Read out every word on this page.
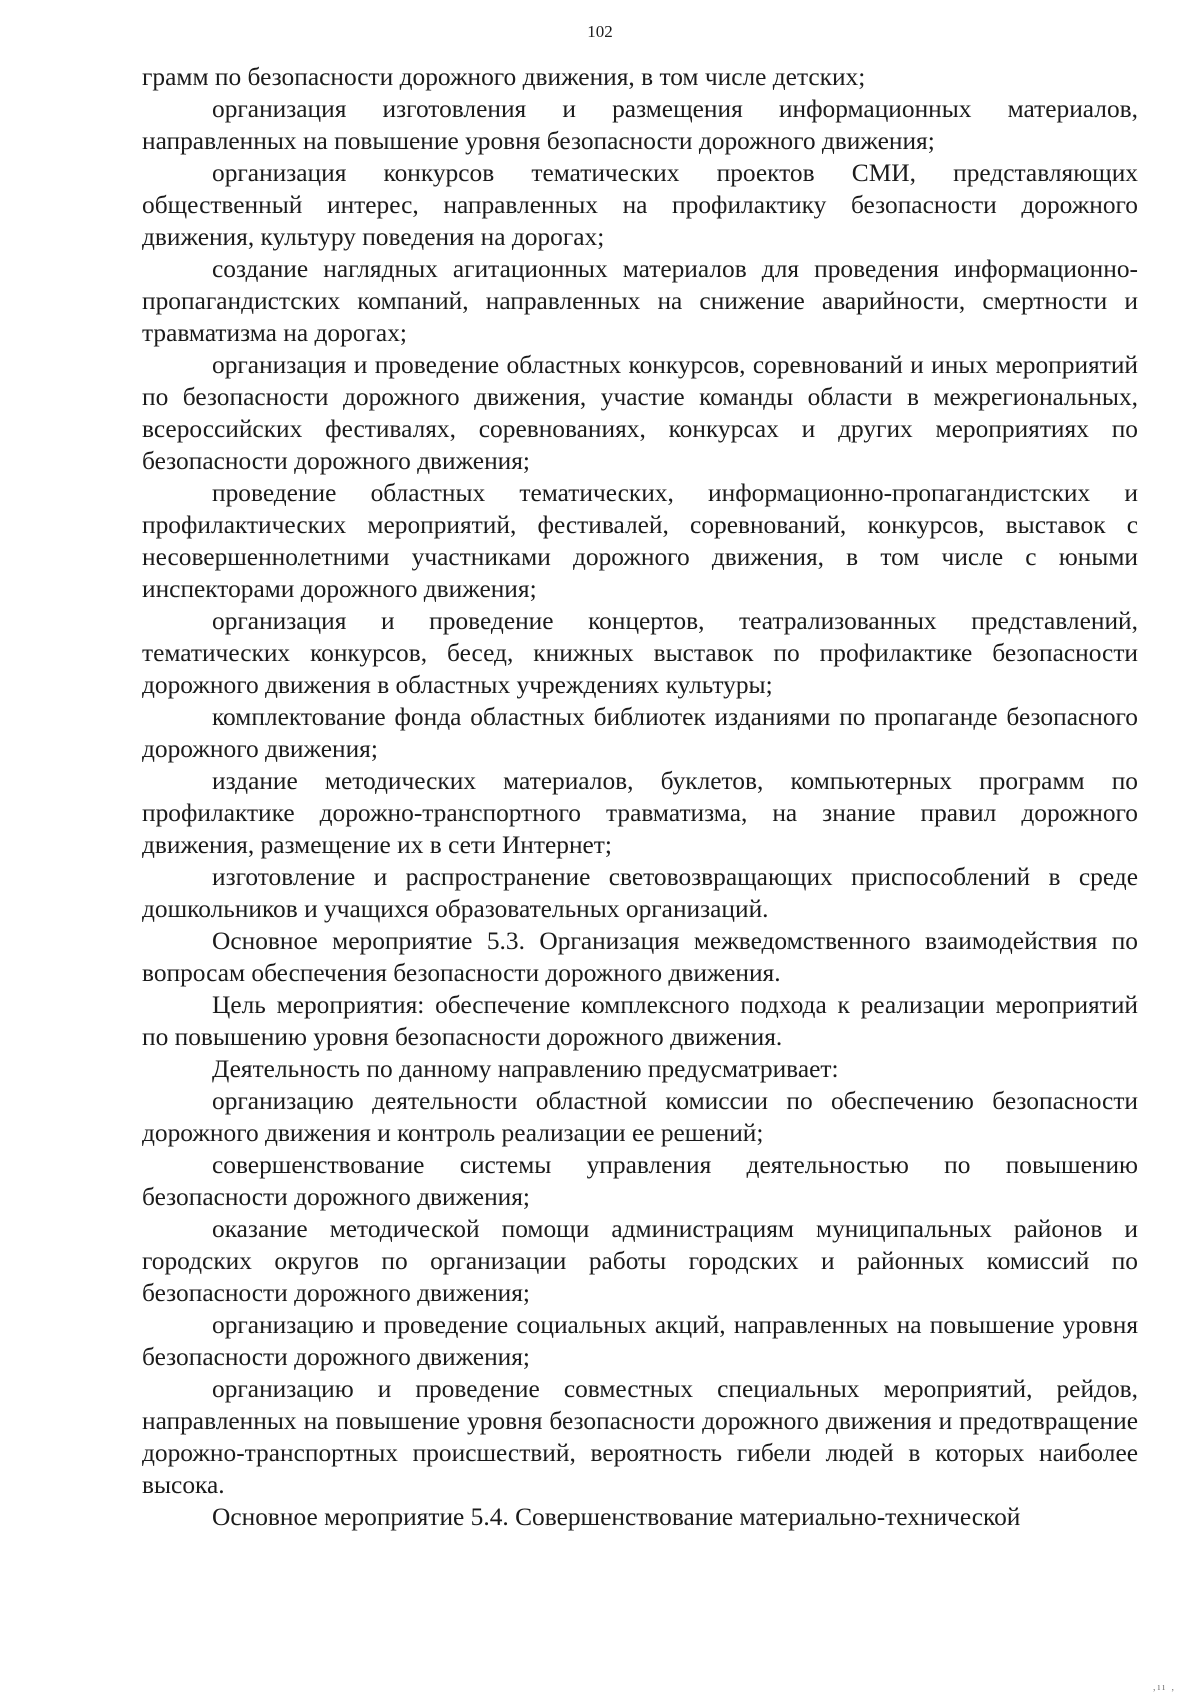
102

грамм по безопасности дорожного движения, в том числе детских;

организация изготовления и размещения информационных материалов, направленных на повышение уровня безопасности дорожного движения;

организация конкурсов тематических проектов СМИ, представляющих общественный интерес, направленных на профилактику безопасности дорожного движения, культуру поведения на дорогах;

создание наглядных агитационных материалов для проведения информационно-пропагандистских компаний, направленных на снижение аварийности, смертности и травматизма на дорогах;

организация и проведение областных конкурсов, соревнований и иных мероприятий по безопасности дорожного движения, участие команды области в межрегиональных, всероссийских фестивалях, соревнованиях, конкурсах и других мероприятиях по безопасности дорожного движения;

проведение областных тематических, информационно-пропагандистских и профилактических мероприятий, фестивалей, соревнований, конкурсов, выставок с несовершеннолетними участниками дорожного движения, в том числе с юными инспекторами дорожного движения;

организация и проведение концертов, театрализованных представлений, тематических конкурсов, бесед, книжных выставок по профилактике безопасности дорожного движения в областных учреждениях культуры;

комплектование фонда областных библиотек изданиями по пропаганде безопасного дорожного движения;

издание методических материалов, буклетов, компьютерных программ по профилактике дорожно-транспортного травматизма, на знание правил дорожного движения, размещение их в сети Интернет;

изготовление и распространение световозвращающих приспособлений в среде дошкольников и учащихся образовательных организаций.

Основное мероприятие 5.3. Организация межведомственного взаимодействия по вопросам обеспечения безопасности дорожного движения.

Цель мероприятия: обеспечение комплексного подхода к реализации мероприятий по повышению уровня безопасности дорожного движения.

Деятельность по данному направлению предусматривает:

организацию деятельности областной комиссии по обеспечению безопасности дорожного движения и контроль реализации ее решений;

совершенствование системы управления деятельностью по повышению безопасности дорожного движения;

оказание методической помощи администрациям муниципальных районов и городских округов по организации работы городских и районных комиссий по безопасности дорожного движения;

организацию и проведение социальных акций, направленных на повышение уровня безопасности дорожного движения;

организацию и проведение совместных специальных мероприятий, рейдов, направленных на повышение уровня безопасности дорожного движения и предотвращение дорожно-транспортных происшествий, вероятность гибели людей в которых наиболее высока.

Основное мероприятие 5.4. Совершенствование материально-технической

,ıı ,
